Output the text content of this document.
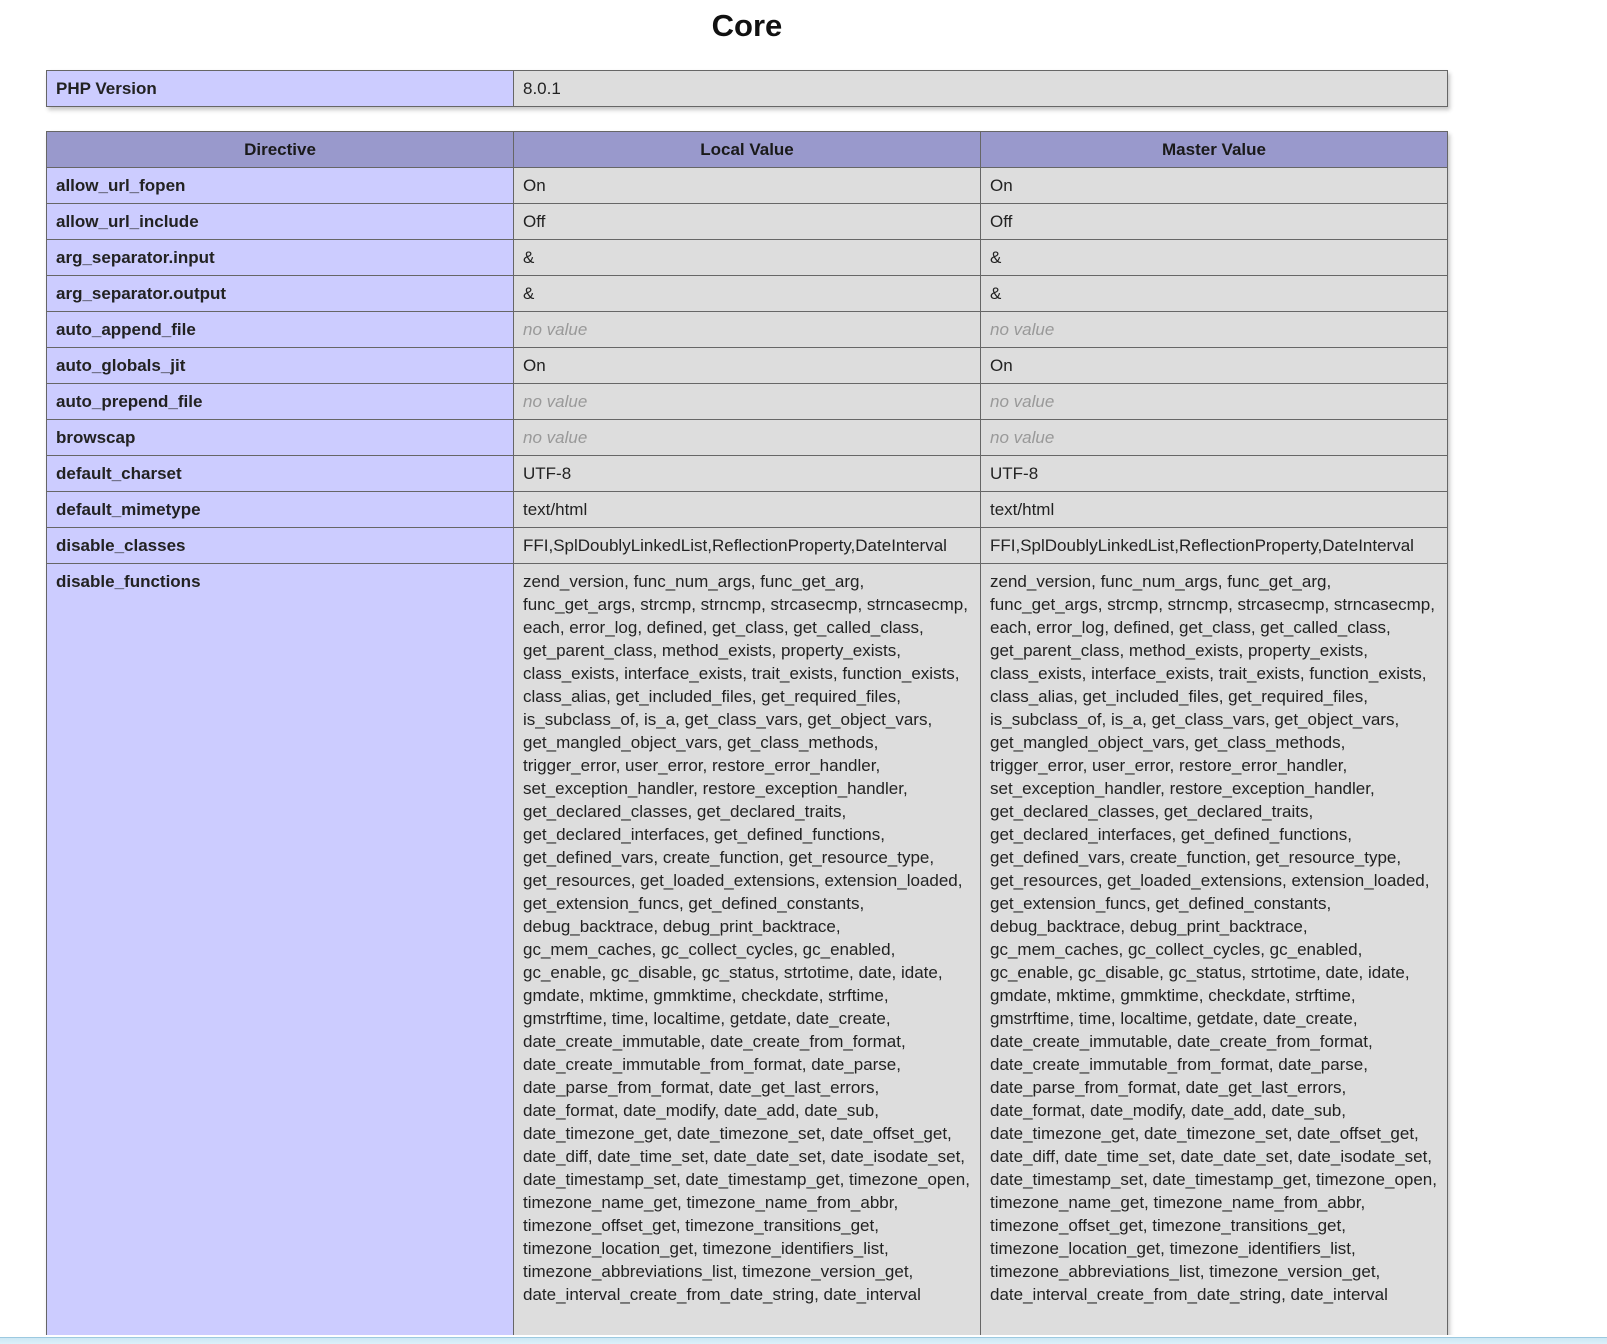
Core
PHP Version	8.0.1
Directive	Local Value	Master Value
allow_url_fopen	On	On
allow_url_include	Off	Off
arg_separator.input	&	&
arg_separator.output	&	&
auto_append_file	no value	no value
auto_globals_jit	On	On
auto_prepend_file	no value	no value
browscap	no value	no value
default_charset	UTF-8	UTF-8
default_mimetype	text/html	text/html
disable_classes	FFI,SplDoublyLinkedList,ReflectionProperty,DateInterval	FFI,SplDoublyLinkedList,ReflectionProperty,DateInterval
disable_functions	zend_version, func_num_args, func_get_arg, func_get_args, strcmp, strncmp, strcasecmp, strncasecmp, each, error_log, defined, get_class, get_called_class, get_parent_class, method_exists, property_exists, class_exists, interface_exists, trait_exists, function_exists, class_alias, get_included_files, get_required_files, is_subclass_of, is_a, get_class_vars, get_object_vars, get_mangled_object_vars, get_class_methods, trigger_error, user_error, restore_error_handler, set_exception_handler, restore_exception_handler, get_declared_classes, get_declared_traits, get_declared_interfaces, get_defined_functions, get_defined_vars, create_function, get_resource_type, get_resources, get_loaded_extensions, extension_loaded, get_extension_funcs, get_defined_constants, debug_backtrace, debug_print_backtrace, gc_mem_caches, gc_collect_cycles, gc_enabled, gc_enable, gc_disable, gc_status, strtotime, date, idate, gmdate, mktime, gmmktime, checkdate, strftime, gmstrftime, time, localtime, getdate, date_create, date_create_immutable, date_create_from_format, date_create_immutable_from_format, date_parse, date_parse_from_format, date_get_last_errors, date_format, date_modify, date_add, date_sub, date_timezone_get, date_timezone_set, date_offset_get, date_diff, date_time_set, date_date_set, date_isodate_set, date_timestamp_set, date_timestamp_get, timezone_open, timezone_name_get, timezone_name_from_abbr, timezone_offset_get, timezone_transitions_get, timezone_location_get, timezone_identifiers_list, timezone_abbreviations_list, timezone_version_get, date_interval_create_from_date_string, date_interval	zend_version, func_num_args, func_get_arg, func_get_args, strcmp, strncmp, strcasecmp, strncasecmp, each, error_log, defined, get_class, get_called_class, get_parent_class, method_exists, property_exists, class_exists, interface_exists, trait_exists, function_exists, class_alias, get_included_files, get_required_files, is_subclass_of, is_a, get_class_vars, get_object_vars, get_mangled_object_vars, get_class_methods, trigger_error, user_error, restore_error_handler, set_exception_handler, restore_exception_handler, get_declared_classes, get_declared_traits, get_declared_interfaces, get_defined_functions, get_defined_vars, create_function, get_resource_type, get_resources, get_loaded_extensions, extension_loaded, get_extension_funcs, get_defined_constants, debug_backtrace, debug_print_backtrace, gc_mem_caches, gc_collect_cycles, gc_enabled, gc_enable, gc_disable, gc_status, strtotime, date, idate, gmdate, mktime, gmmktime, checkdate, strftime, gmstrftime, time, localtime, getdate, date_create, date_create_immutable, date_create_from_format, date_create_immutable_from_format, date_parse, date_parse_from_format, date_get_last_errors, date_format, date_modify, date_add, date_sub, date_timezone_get, date_timezone_set, date_offset_get, date_diff, date_time_set, date_date_set, date_isodate_set, date_timestamp_set, date_timestamp_get, timezone_open, timezone_name_get, timezone_name_from_abbr, timezone_offset_get, timezone_transitions_get, timezone_location_get, timezone_identifiers_list, timezone_abbreviations_list, timezone_version_get, date_interval_create_from_date_string, date_interval
